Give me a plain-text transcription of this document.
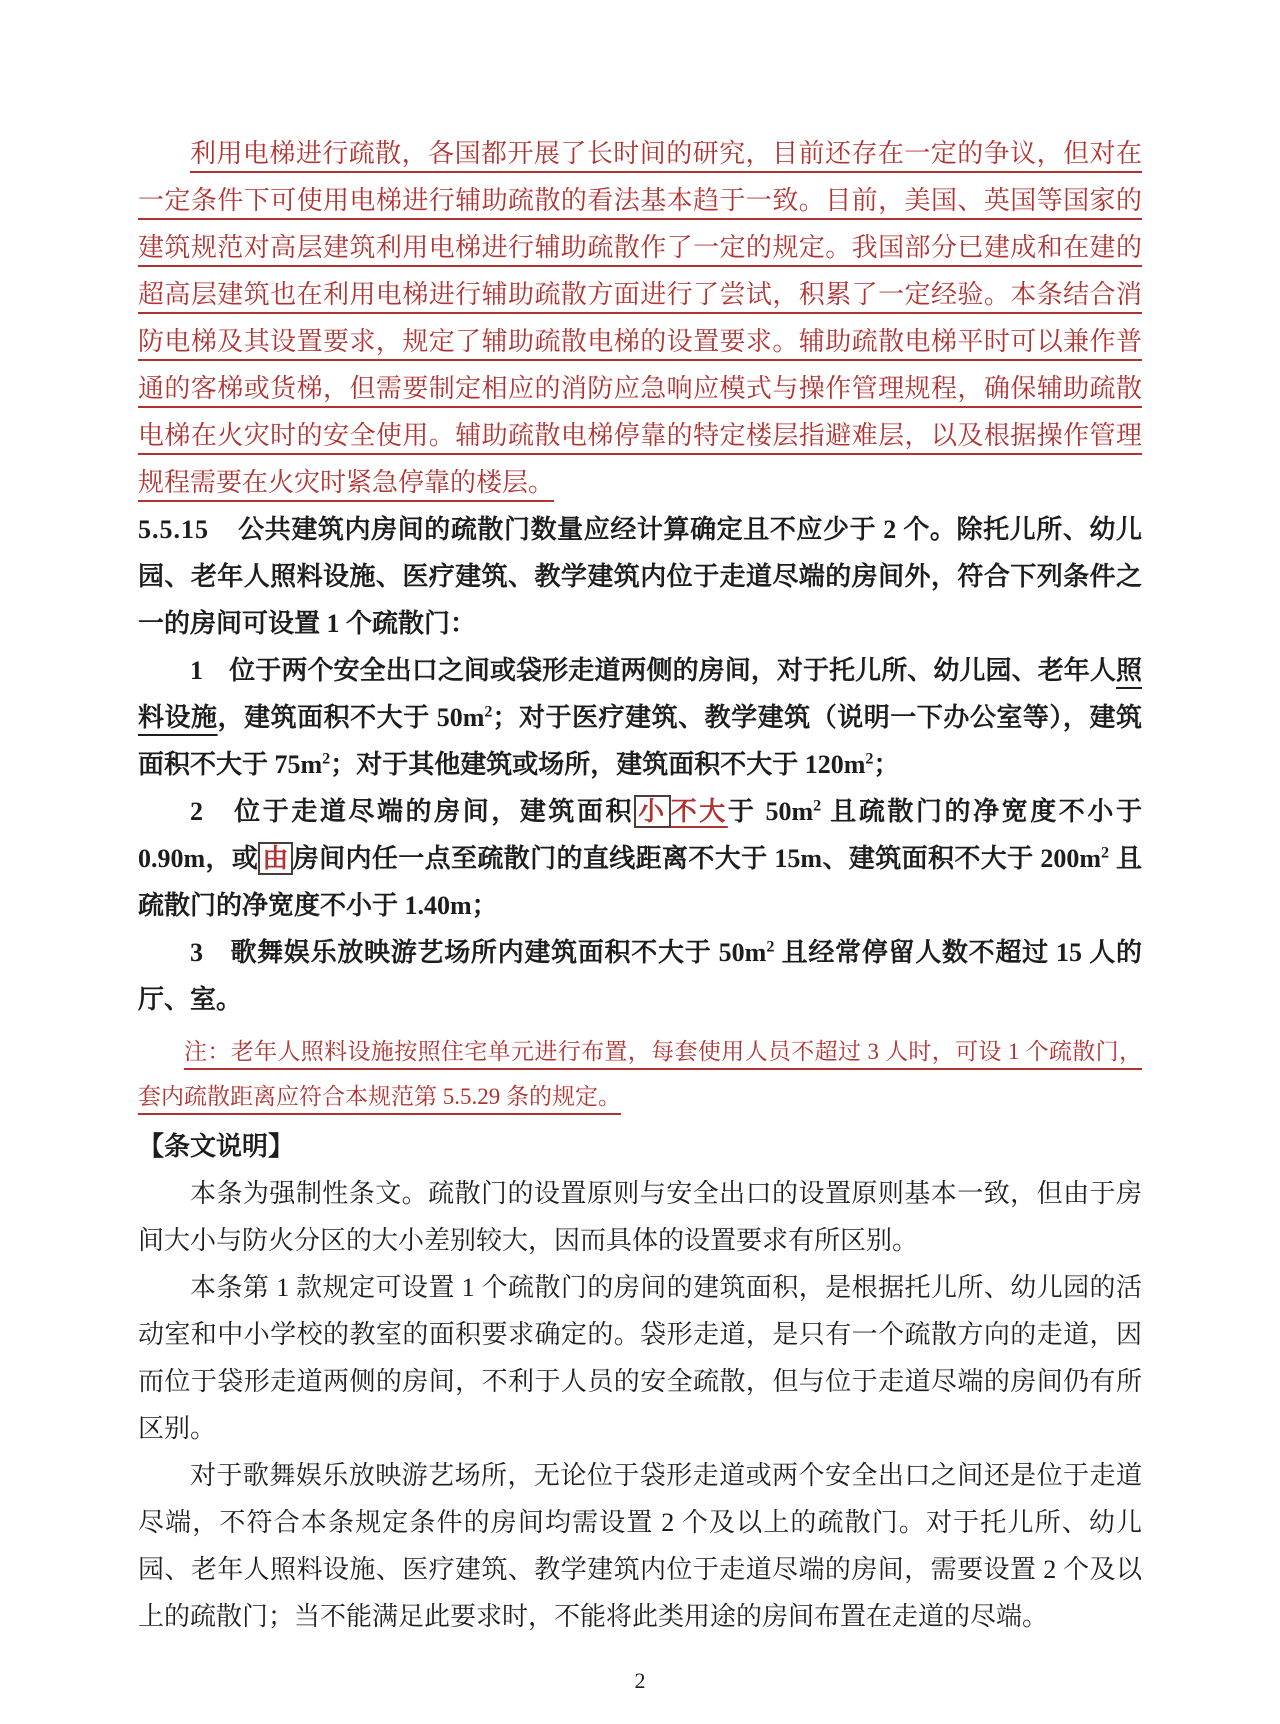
利用电梯进行疏散，各国都开展了长时间的研究，目前还存在一定的争议，但对在一定条件下可使用电梯进行辅助疏散的看法基本趋于一致。目前，美国、英国等国家的建筑规范对高层建筑利用电梯进行辅助疏散作了一定的规定。我国部分已建成和在建的超高层建筑也在利用电梯进行辅助疏散方面进行了尝试，积累了一定经验。本条结合消防电梯及其设置要求，规定了辅助疏散电梯的设置要求。辅助疏散电梯平时可以兼作普通的客梯或货梯，但需要制定相应的消防应急响应模式与操作管理规程，确保辅助疏散电梯在火灾时的安全使用。辅助疏散电梯停靠的特定楼层指避难层，以及根据操作管理规程需要在火灾时紧急停靠的楼层。

5.5.15 公共建筑内房间的疏散门数量应经计算确定且不应少于 2 个。除托儿所、幼儿园、老年人照料设施、医疗建筑、教学建筑内位于走道尽端的房间外，符合下列条件之一的房间可设置 1 个疏散门：

1　位于两个安全出口之间或袋形走道两侧的房间，对于托儿所、幼儿园、老年人照料设施，建筑面积不大于 $50m^2$；对于医疗建筑、教学建筑（说明一下办公室等），建筑面积不大于 $75m^2$；对于其他建筑或场所，建筑面积不大于 $120m^2$；

2　位于走道尽端的房间，建筑面积 小 不大于 $50m^2$ 且疏散门的净宽度不小于 0.90m，或 由 房间内任一点至疏散门的直线距离不大于 15m、建筑面积不大于 $200m^2$ 且疏散门的净宽度不小于 1.40m；

3　歌舞娱乐放映游艺场所内建筑面积不大于 $50m^2$ 且经常停留人数不超过 15 人的厅、室。

注：老年人照料设施按照住宅单元进行布置，每套使用人员不超过 3 人时，可设 1 个疏散门，套内疏散距离应符合本规范第 5.5.29 条的规定。

【条文说明】

本条为强制性条文。疏散门的设置原则与安全出口的设置原则基本一致，但由于房间大小与防火分区的大小差别较大，因而具体的设置要求有所区别。

本条第 1 款规定可设置 1 个疏散门的房间的建筑面积，是根据托儿所、幼儿园的活动室和中小学校的教室的面积要求确定的。袋形走道，是只有一个疏散方向的走道，因而位于袋形走道两侧的房间，不利于人员的安全疏散，但与位于走道尽端的房间仍有所区别。

对于歌舞娱乐放映游艺场所，无论位于袋形走道或两个安全出口之间还是位于走道尽端，不符合本条规定条件的房间均需设置 2 个及以上的疏散门。对于托儿所、幼儿园、老年人照料设施、医疗建筑、教学建筑内位于走道尽端的房间，需要设置 2 个及以上的疏散门；当不能满足此要求时，不能将此类用途的房间布置在走道的尽端。

2
